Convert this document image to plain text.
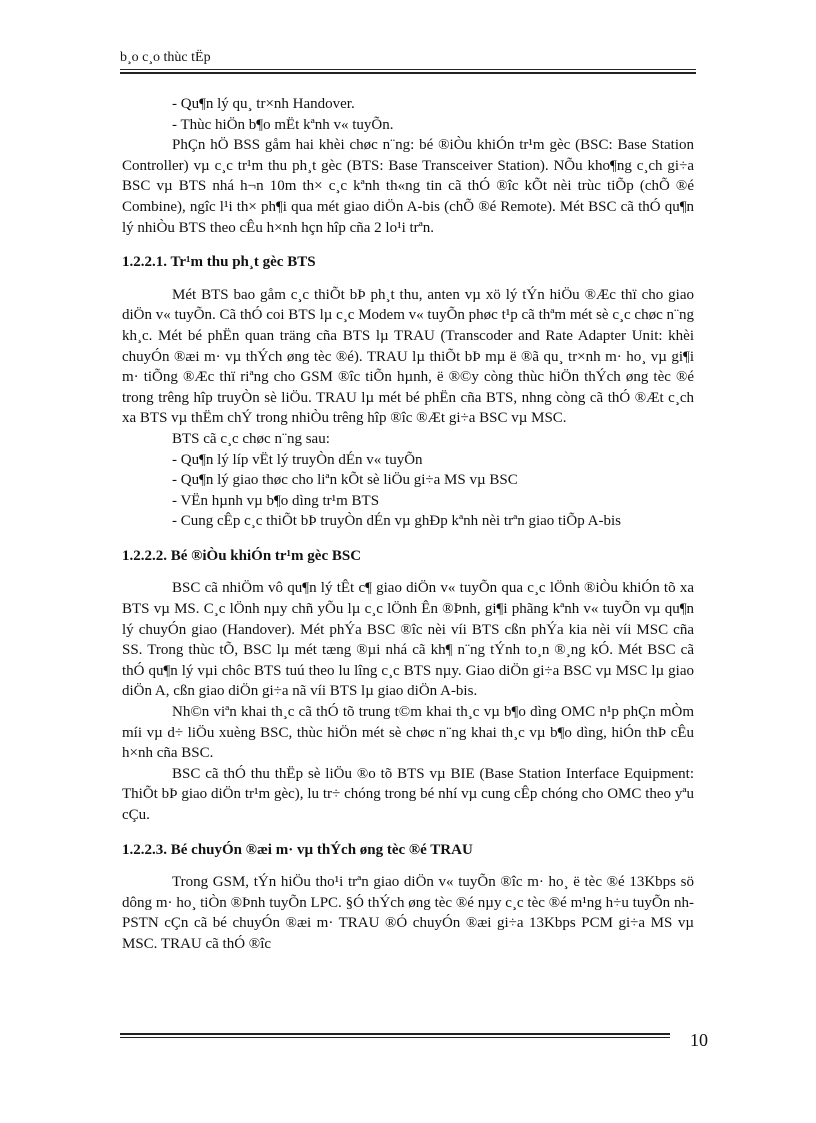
b¸o c¸o thùc tËp

- Qu¶n lý qu¸ tr×nh Handover.

- Thùc hiÖn b¶o mËt kªnh v« tuyÕn.

PhÇn hÖ BSS gåm hai khèi chøc n¨ng: bé ®iÒu khiÓn tr¹m gèc (BSC: Base Station Controller) vµ c¸c tr¹m thu ph¸t gèc (BTS: Base Transceiver Station). NÕu kho¶ng c¸ch gi÷a BSC vµ BTS nhá h¬n 10m th× c¸c kªnh th«ng tin cã thÓ ®îc kÕt nèi trùc tiÕp (chÕ ®é Combine), ngîc l¹i th× ph¶i qua mét giao diÖn A-bis (chÕ ®é Remote). Mét BSC cã thÓ qu¶n lý nhiÒu BTS theo cÊu h×nh hçn hîp cña 2 lo¹i trªn.

1.2.2.1. Tr¹m thu ph¸t gèc BTS

Mét BTS bao gåm c¸c thiÕt bÞ ph¸t thu, anten vµ xö lý tÝn hiÖu ®Æc thï cho giao diÖn v« tuyÕn. Cã thÓ coi BTS lµ c¸c Modem v« tuyÕn phøc t¹p cã thªm mét sè c¸c chøc n¨ng kh¸c. Mét bé phËn quan träng cña BTS lµ TRAU (Transcoder and Rate Adapter Unit: khèi chuyÓn ®æi m· vµ thÝch øng tèc ®é). TRAU lµ thiÕt bÞ mµ ë ®ã qu¸ tr×nh m· ho¸ vµ gi¶i m· tiÕng ®Æc thï riªng cho GSM ®îc tiÕn hµnh, ë ®©y còng thùc hiÖn thÝch øng tèc ®é trong trêng hîp truyÒn sè liÖu. TRAU lµ mét bé phËn cña BTS, nhng còng cã thÓ ®Æt c¸ch xa BTS vµ thËm chÝ trong nhiÒu trêng hîp ®îc ®Æt gi÷a BSC vµ MSC.

BTS cã c¸c chøc n¨ng sau:

- Qu¶n lý líp vËt lý truyÒn dÉn v« tuyÕn

- Qu¶n lý giao thøc cho liªn kÕt sè liÖu gi÷a MS vµ BSC

- VËn hµnh vµ b¶o dìng tr¹m BTS

- Cung cÊp c¸c thiÕt bÞ truyÒn dÉn vµ ghÐp kªnh nèi trªn giao tiÕp A-bis

1.2.2.2. Bé ®iÒu khiÓn tr¹m gèc BSC

BSC cã nhiÖm vô qu¶n lý tÊt c¶ giao diÖn v« tuyÕn qua c¸c lÖnh ®iÒu khiÓn tõ xa BTS vµ MS. C¸c lÖnh nµy chñ yÕu lµ c¸c lÖnh Ên ®Þnh, gi¶i phãng kªnh v« tuyÕn vµ qu¶n lý chuyÓn giao (Handover). Mét phÝa BSC ®îc nèi víi BTS cßn phÝa kia nèi víi MSC cña SS. Trong thùc tÕ, BSC lµ mét tæng ®µi nhá cã kh¶ n¨ng tÝnh to¸n ®¸ng kÓ. Mét BSC cã thÓ qu¶n lý vµi chôc BTS tuú theo lu lîng c¸c BTS nµy. Giao diÖn gi÷a BSC vµ MSC lµ giao diÖn A, cßn giao diÖn gi÷a nã víi BTS lµ giao diÖn A-bis.

Nh©n viªn khai th¸c cã thÓ tõ trung t©m khai th¸c vµ b¶o dìng OMC n¹p phÇn mÒm míi vµ d÷ liÖu xuèng BSC, thùc hiÖn mét sè chøc n¨ng khai th¸c vµ b¶o dìng, hiÓn thÞ cÊu h×nh cña BSC.

BSC cã thÓ thu thËp sè liÖu ®o tõ BTS vµ BIE (Base Station Interface Equipment: ThiÕt bÞ giao diÖn tr¹m gèc), lu tr÷ chóng trong bé nhí vµ cung cÊp chóng cho OMC theo yªu cÇu.

1.2.2.3. Bé chuyÓn ®æi m· vµ thÝch øng tèc ®é TRAU

Trong GSM, tÝn hiÖu tho¹i trªn giao diÖn v« tuyÕn ®îc m· ho¸ ë tèc ®é 13Kbps sö dông m· ho¸ tiÒn ®Þnh tuyÕn LPC. §Ó thÝch øng tèc ®é nµy c¸c tèc ®é m¹ng h÷u tuyÕn nh PSTN cÇn cã bé chuyÓn ®æi m· TRAU ®Ó chuyÓn ®æi gi÷a 13Kbps PCM gi÷a MS vµ MSC. TRAU cã thÓ ®îc

10
